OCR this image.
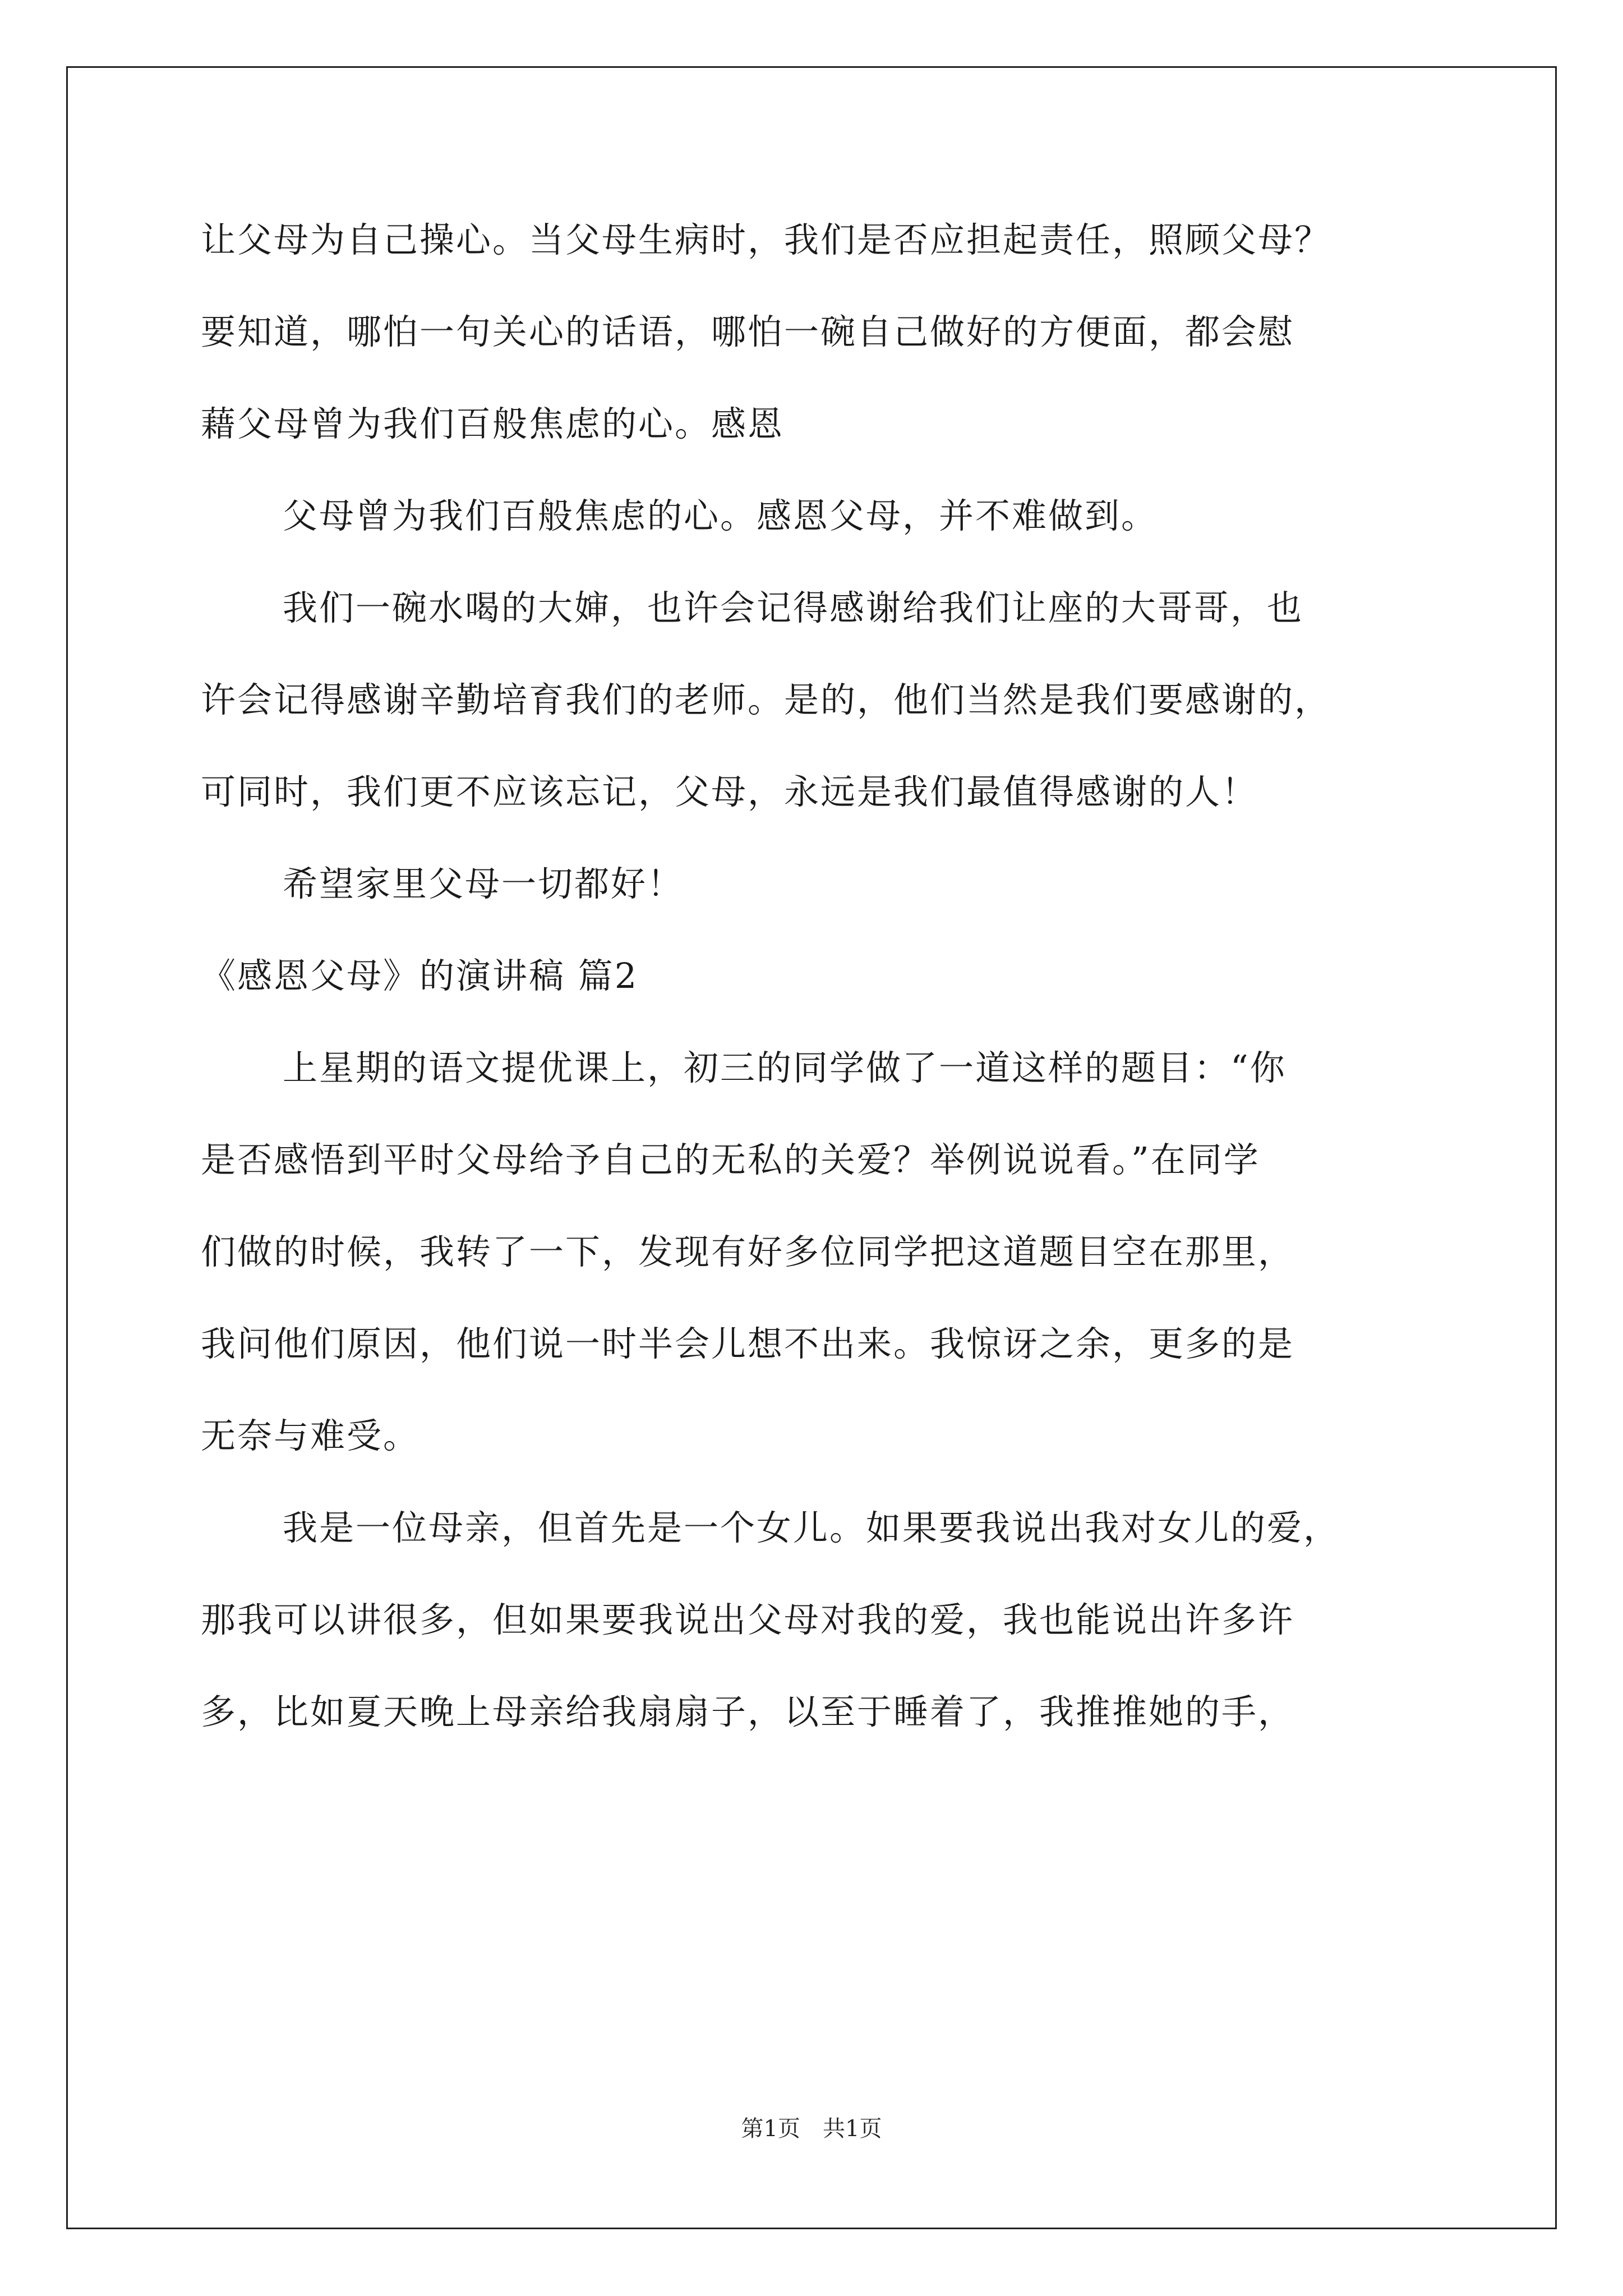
让父母为自己操心。当父母生病时，我们是否应担起责任，照顾父母？
要知道，哪怕一句关心的话语，哪怕一碗自己做好的方便面，都会慰
藉父母曾为我们百般焦虑的心。感恩
父母曾为我们百般焦虑的心。感恩父母，并不难做到。
我们一碗水喝的大婶，也许会记得感谢给我们让座的大哥哥，也
许会记得感谢辛勤培育我们的老师。是的，他们当然是我们要感谢的，
可同时，我们更不应该忘记，父母，永远是我们最值得感谢的人！
希望家里父母一切都好！
《感恩父母》的演讲稿 篇2
上星期的语文提优课上，初三的同学做了一道这样的题目：“你
是否感悟到平时父母给予自己的无私的关爱？举例说说看。”在同学
们做的时候，我转了一下，发现有好多位同学把这道题目空在那里，
我问他们原因，他们说一时半会儿想不出来。我惊讶之余，更多的是
无奈与难受。
我是一位母亲，但首先是一个女儿。如果要我说出我对女儿的爱，
那我可以讲很多，但如果要我说出父母对我的爱，我也能说出许多许
多，比如夏天晚上母亲给我扇扇子，以至于睡着了，我推推她的手，
第1页　共1页
